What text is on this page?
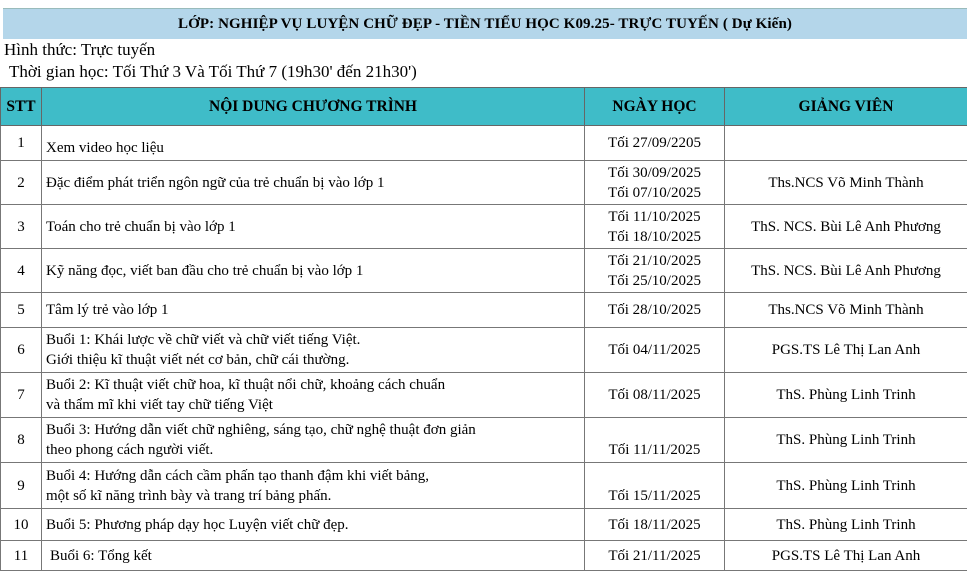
LỚP: NGHIỆP VỤ LUYỆN CHỮ ĐẸP - TIỀN TIỂU HỌC K09.25- TRỰC TUYẾN ( Dự Kiến)
Hình thức: Trực tuyến
Thời gian học: Tối Thứ 3 Và Tối Thứ 7 (19h30' đến 21h30')
STT	NỘI DUNG CHƯƠNG TRÌNH	NGÀY HỌC	GIẢNG VIÊN
1	Xem video học liệu	Tối 27/09/2205	
2	Đặc điểm phát triển ngôn ngữ của trẻ chuẩn bị vào lớp 1	Tối 30/09/2025
Tối 07/10/2025	Ths.NCS Võ Minh Thành
3	Toán cho trẻ chuẩn bị vào lớp 1	Tối 11/10/2025
Tối 18/10/2025	ThS. NCS. Bùi Lê Anh Phương
4	Kỹ năng đọc, viết ban đầu cho trẻ chuẩn bị vào lớp 1	Tối 21/10/2025
Tối 25/10/2025	ThS. NCS. Bùi Lê Anh Phương
5	Tâm lý trẻ vào lớp 1	Tối 28/10/2025	Ths.NCS Võ Minh Thành
6	Buổi 1: Khái lược về chữ viết và chữ viết tiếng Việt.
Giới thiệu kĩ thuật viết nét cơ bản, chữ cái thường.	Tối 04/11/2025	PGS.TS Lê Thị Lan Anh
7	Buổi 2: Kĩ thuật viết chữ hoa, kĩ thuật nổi chữ, khoảng cách chuẩn
và thẩm mĩ khi viết tay chữ tiếng Việt	Tối 08/11/2025	ThS. Phùng Linh Trinh
8	Buổi 3: Hướng dẫn viết chữ nghiêng, sáng tạo, chữ nghệ thuật đơn giản
theo phong cách người viết.	Tối 11/11/2025	ThS. Phùng Linh Trinh
9	Buổi 4: Hướng dẫn cách cầm phấn tạo thanh đậm khi viết bảng,
một số kĩ năng trình bày và trang trí bảng phấn.	Tối 15/11/2025	ThS. Phùng Linh Trinh
10	Buổi 5: Phương pháp dạy học Luyện viết chữ đẹp.	Tối 18/11/2025	ThS. Phùng Linh Trinh
11	Buổi 6: Tổng kết	Tối 21/11/2025	PGS.TS Lê Thị Lan Anh
